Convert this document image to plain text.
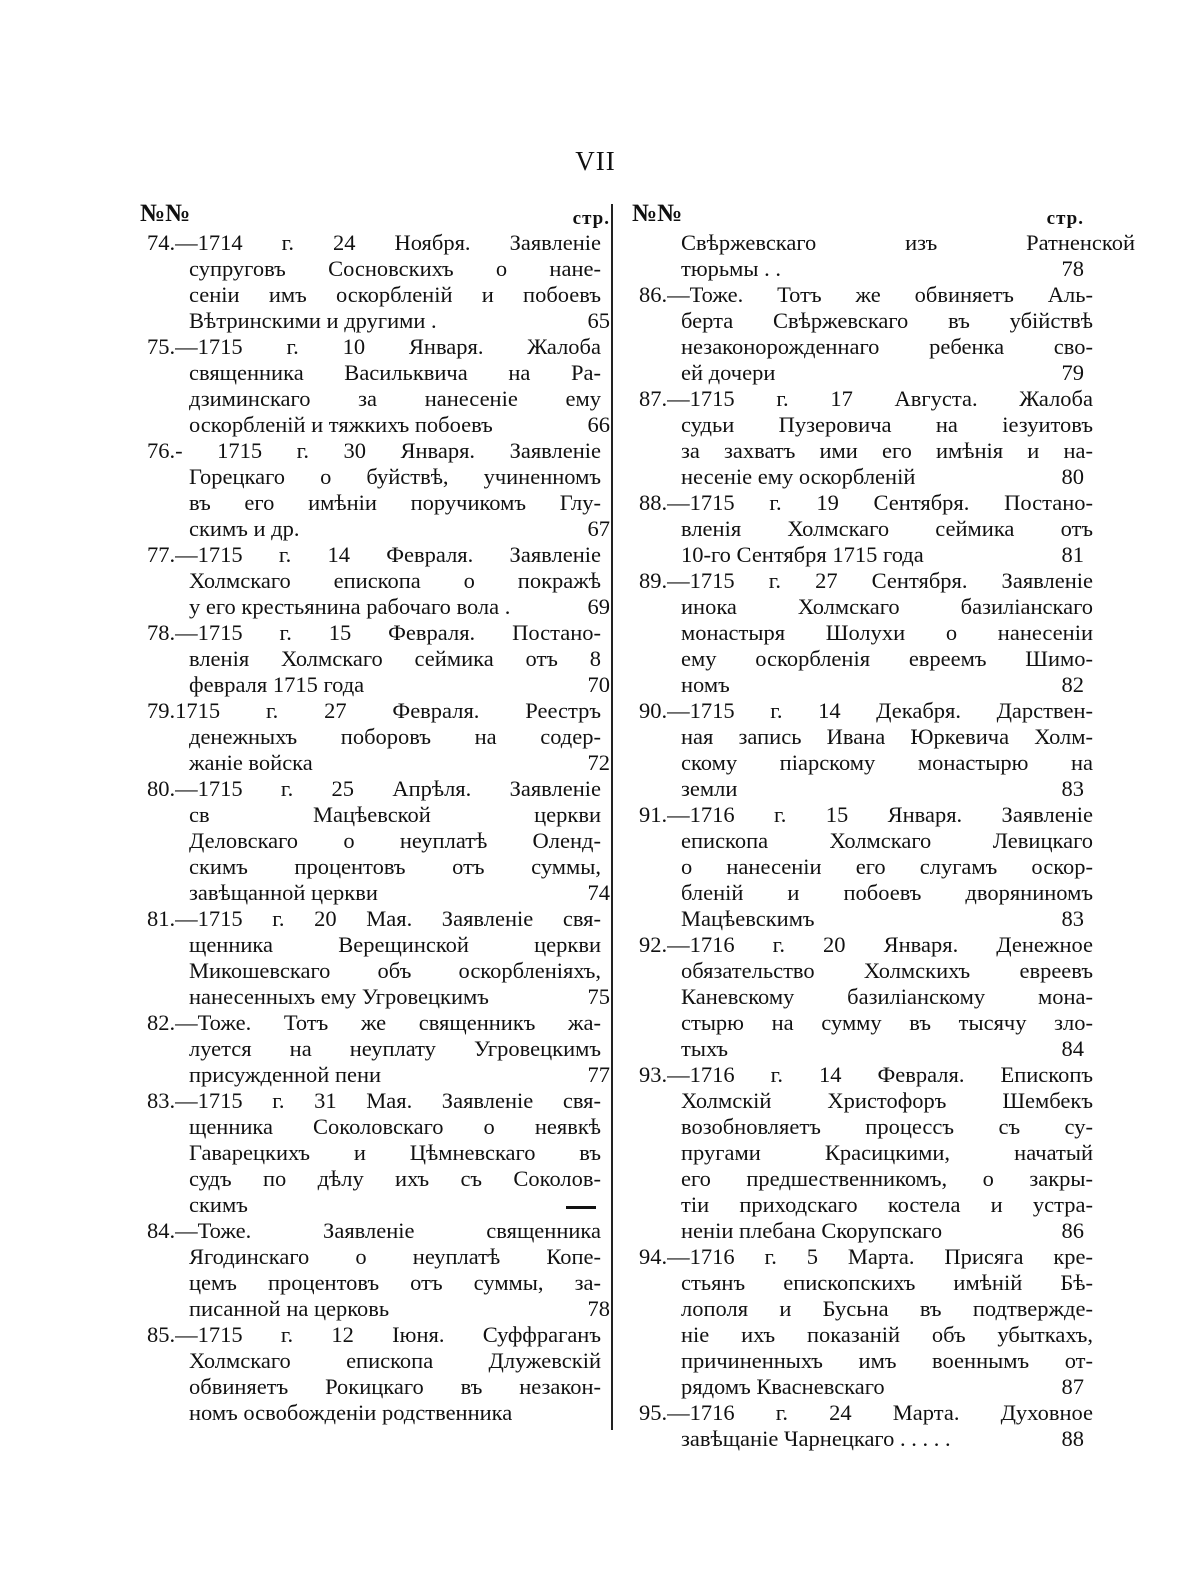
VII
№№	стр.
74.—1714 г. 24 Ноября. Заявленіе
супруговъ Сосновскихъ о нане-
сеніи имъ оскорбленій и побоевъ
Вѣтринскими и другими .	65
75.—1715 г. 10 Января. Жалоба
священника Васильквича на Ра-
дзиминскаго за нанесеніе ему
оскорбленій и тяжкихъ побоевъ	66
76.- 1715 г. 30 Января. Заявленіе
Горецкаго о буйствѣ, учиненномъ
въ его имѣніи поручикомъ Глу-
скимъ и др.	67
77.—1715 г. 14 Февраля. Заявленіе
Холмскаго епископа о покражѣ
у его крестьянина рабочаго вола .	69
78.—1715 г. 15 Февраля. Постано-
вленія Холмскаго сеймика отъ 8
февраля 1715 года	70
79.1715 г. 27 Февраля. Реестръ
денежныхъ поборовъ на содер-
жаніе войска	72
80.—1715 г. 25 Апрѣля. Заявленіе
св Мацѣевской церкви
Деловскаго о неуплатѣ Оленд-
скимъ процентовъ отъ суммы,
завѣщанной церкви	74
81.—1715 г. 20 Мая. Заявленіе свя-
щенника Верещинской церкви
Микошевскаго объ оскорбленіяхъ,
нанесенныхъ ему Угровецкимъ	75
82.—Тоже. Тотъ же священникъ жа-
луется на неуплату Угровецкимъ
присужденной пени	77
83.—1715 г. 31 Мая. Заявленіе свя-
щенника Соколовскаго о неявкѣ
Гаварецкихъ и Цѣмневскаго въ
судъ по дѣлу ихъ съ Соколов-
скимъ
84.—Тоже. Заявленіе священника
Ягодинскаго о неуплатѣ Копе-
цемъ процентовъ отъ суммы, за-
писанной на церковь	78
85.—1715 г. 12 Іюня. Суффраганъ
Холмскаго епископа Длужевскій
обвиняетъ Рокицкаго въ незакон-
номъ освобожденіи родственника
№№	стр.
Свѣржевскаго изъ Ратненской
тюрьмы . .	78
86.—Тоже. Тотъ же обвиняетъ Аль-
берта Свѣржевскаго въ убійствѣ
незаконорожденнаго ребенка сво-
ей дочери	79
87.—1715 г. 17 Августа. Жалоба
судьи Пузеровича на іезуитовъ
за захватъ ими его имѣнія и на-
несеніе ему оскорбленій	80
88.—1715 г. 19 Сентября. Постано-
вленія Холмскаго сеймика отъ
10-го Сентября 1715 года	81
89.—1715 г. 27 Сентября. Заявленіе
инока Холмскаго базиліанскаго
монастыря Шолухи о нанесеніи
ему оскорбленія евреемъ Шимо-
номъ	82
90.—1715 г. 14 Декабря. Дарствен-
ная запись Ивана Юркевича Холм-
скому піарскому монастырю на
земли	83
91.—1716 г. 15 Января. Заявленіе
епископа Холмскаго Левицкаго
о нанесеніи его слугамъ оскор-
бленій и побоевъ дворяниномъ
Мацѣевскимъ	83
92.—1716 г. 20 Января. Денежное
обязательство Холмскихъ евреевъ
Каневскому базиліанскому мона-
стырю на сумму въ тысячу зло-
тыхъ	84
93.—1716 г. 14 Февраля. Епископъ
Холмскій Христофоръ Шембекъ
возобновляетъ процессъ съ су-
пругами Красицкими, начатый
его предшественникомъ, о закры-
тіи приходскаго костела и устра-
неніи плебана Скорупскаго	86
94.—1716 г. 5 Марта. Присяга кре-
стьянъ епископскихъ имѣній Бѣ-
лополя и Бусьна въ подтвержде-
ніе ихъ показаній объ убыткахъ,
причиненныхъ имъ военнымъ от-
рядомъ Квасневскаго	87
95.—1716 г. 24 Марта. Духовное
завѣщаніе Чарнецкаго . . . . .	88
